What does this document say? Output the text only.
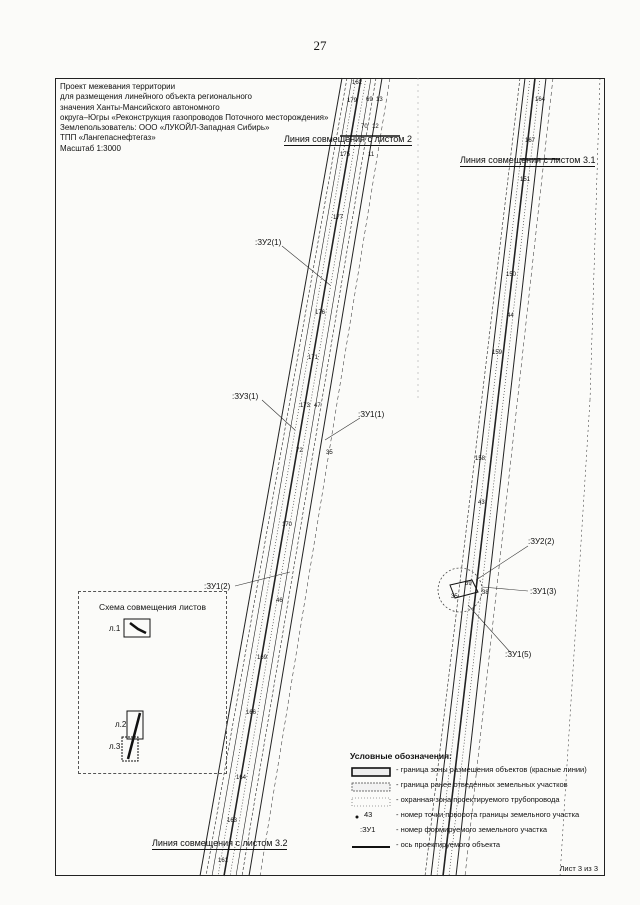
27
Проект межевания территории
для размещения линейного объекта регионального
значения Ханты-Мансийского автономного
округа–Югры «Реконструкция газопроводов Поточного месторождения»
Землепользователь: ООО «ЛУКОЙЛ-Западная Сибирь»
ТПП «Лангепаснефтегаз»
Масштаб 1:3000
Линия совмещения с листом 2
Линия совмещения с листом 3.1
Линия совмещения с листом 3.2
:ЗУ2(1)
:ЗУ3(1)
:ЗУ1(1)
:ЗУ1(2)
:ЗУ2(2)
:ЗУ1(3)
:ЗУ1(5)
162
179 69 13
70 12
175	11
177
176
171
173 47
72	35
170
46
169
166
164
163
161
167
151
150
44
159
158
43
39
38
35
164
Схема совмещения листов
л.1
л.2
л.3
Условные обозначения:
- граница зоны размещения объектов (красные линии)
- граница ранее отведенных земельных участков
- охранная зона проектируемого трубопровода
43	- номер точки поворота границы земельного участка
:ЗУ1	- номер формируемого земельного участка
- ось проектируемого объекта
Лист 3 из 3
